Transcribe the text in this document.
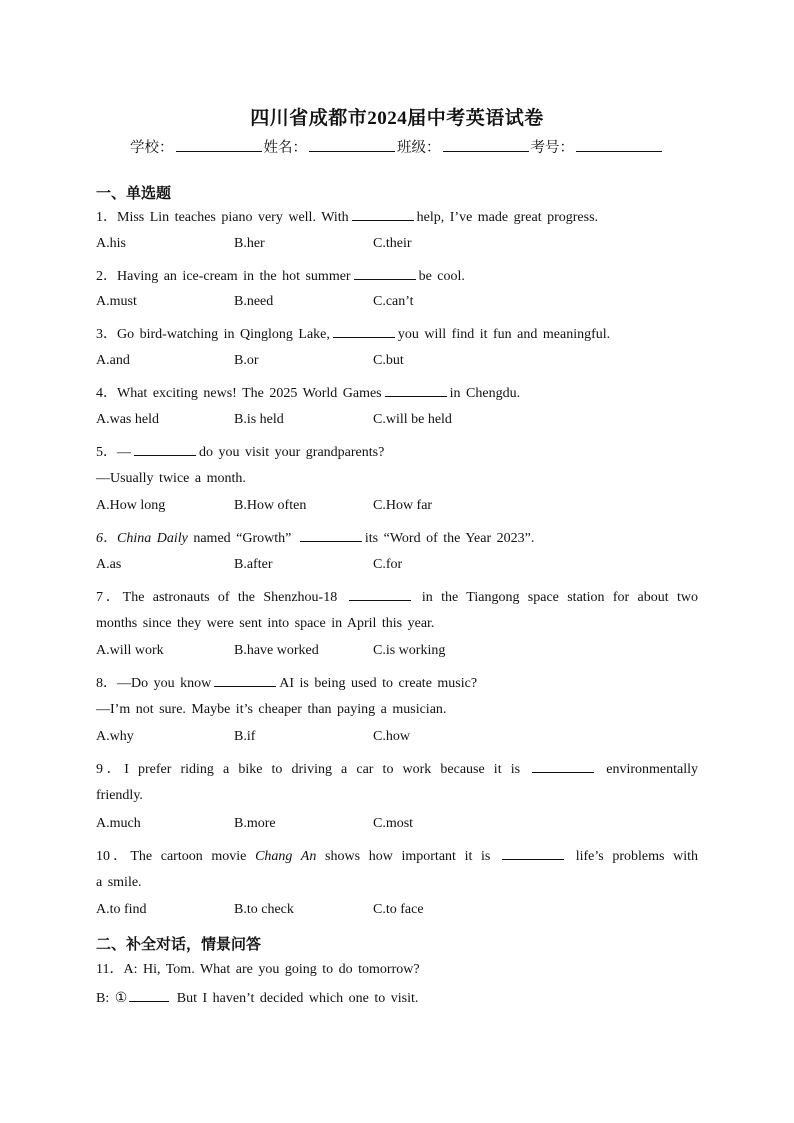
四川省成都市2024届中考英语试卷
学校：	姓名：	班级：	考号：
一、单选题
1．Miss Lin teaches piano very well. With	help, I’ve made great progress.
A.his	B.her	C.their
2．Having an ice-cream in the hot summer	be cool.
A.must	B.need	C.can’t
3．Go bird-watching in Qinglong Lake,	you will find it fun and meaningful.
A.and	B.or	C.but
4．What exciting news! The 2025 World Games	in Chengdu.
A.was held	B.is held	C.will be held
5．—	do you visit your grandparents?
—Usually twice a month.
A.How long	B.How often	C.How far
6．China Daily named “Growth”	its “Word of the Year 2023”.
A.as	B.after	C.for
7．The astronauts of the Shenzhou-18	in the Tiangong space station for about two
months since they were sent into space in April this year.
A.will work	B.have worked	C.is working
8．—Do you know	AI is being used to create music?
—I’m not sure. Maybe it’s cheaper than paying a musician.
A.why	B.if	C.how
9．I prefer riding a bike to driving a car to work because it is	environmentally
friendly.
A.much	B.more	C.most
10．The cartoon movie Chang An shows how important it is	life’s problems with
a smile.
A.to find	B.to check	C.to face
二、补全对话，情景问答
11．A: Hi, Tom. What are you going to do tomorrow?
B: ①	But I haven’t decided which one to visit.
